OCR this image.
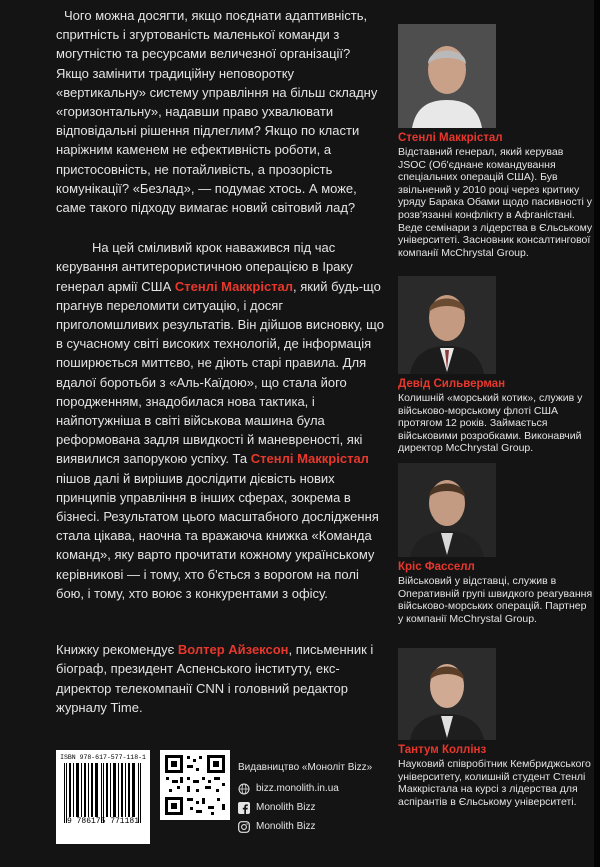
Чого можна досягти, якщо поєднати адаптивність, спритність і згуртованість маленької команди з могутністю та ресурсами величезної організації? Якщо замінити традиційну неповоротку «вертикальну» систему управління на більш складну «горизонтальну», надавши право ухвалювати відповідальні рішення підлеглим? Якщо по класти наріжним каменем не ефективність роботи, а пристосовність, не потайливість, а прозорість комунікації? «Безлад», — подумає хтось. А може, саме такого підходу вимагає новий світовий лад?

На цей сміливий крок наважився під час керування антитерористичною операцією в Іраку генерал армії США Стенлі Маккрістал, який будь-що прагнув переломити ситуацію, і досяг приголомшливих результатів. Він дійшов висновку, що в сучасному світі високих технологій, де інформація поширюється миттєво, не діють старі правила. Для вдалої боротьби з «Аль-Каїдою», що стала його породженням, знадобилася нова тактика, і найпотужніша в світі військова машина була реформована задля швидкості й маневреності, які виявилися запорукою успіху. Та Стенлі Маккрістал пішов далі й вирішив дослідити дієвість нових принципів управління в інших сферах, зокрема в бізнесі. Результатом цього масштабного дослідження стала цікава, наочна та вражаюча книжка «Команда команд», яку варто прочитати кожному українському керівникові — і тому, хто б'ється з ворогом на полі бою, і тому, хто воює з конкурентами з офісу.

Книжку рекомендує Волтер Айзексон, письменник і біограф, президент Аспенського інституту, екс-директор телекомпанії CNN і головний редактор журналу Time.

Стенлі Маккрістал
Відставний генерал, який керував JSOC (Об'єднане командування спеціальних операцій США). Був звільнений у 2010 році через критику уряду Барака Обами щодо пасивності у розв'язанні конфлікту в Афганістані. Веде семінари з лідерства в Єльському університеті. Засновник консалтингової компанії McChrystal Group.
Девід Сильверман
Колишній «морський котик», служив у військово-морському флоті США протягом 12 років. Займається військовими розробками. Виконавчий директор McChrystal Group.
Кріс Фасселл
Військовий у відставці, служив в Оперативній групі швидкого реагування військово-морських операцій. Партнер у компанії McChrystal Group.
Тантум Коллінз
Науковий співробітник Кембриджського університету, колишній студент Стенлі Маккрістала на курсі з лідерства для аспірантів в Єльському університеті.
ISBN 978-617-577-118-1
9 786175 771181
Видавництво «Моноліт Bizz»
bizz.monolith.in.ua
Monolith Bizz
Monolith Bizz
